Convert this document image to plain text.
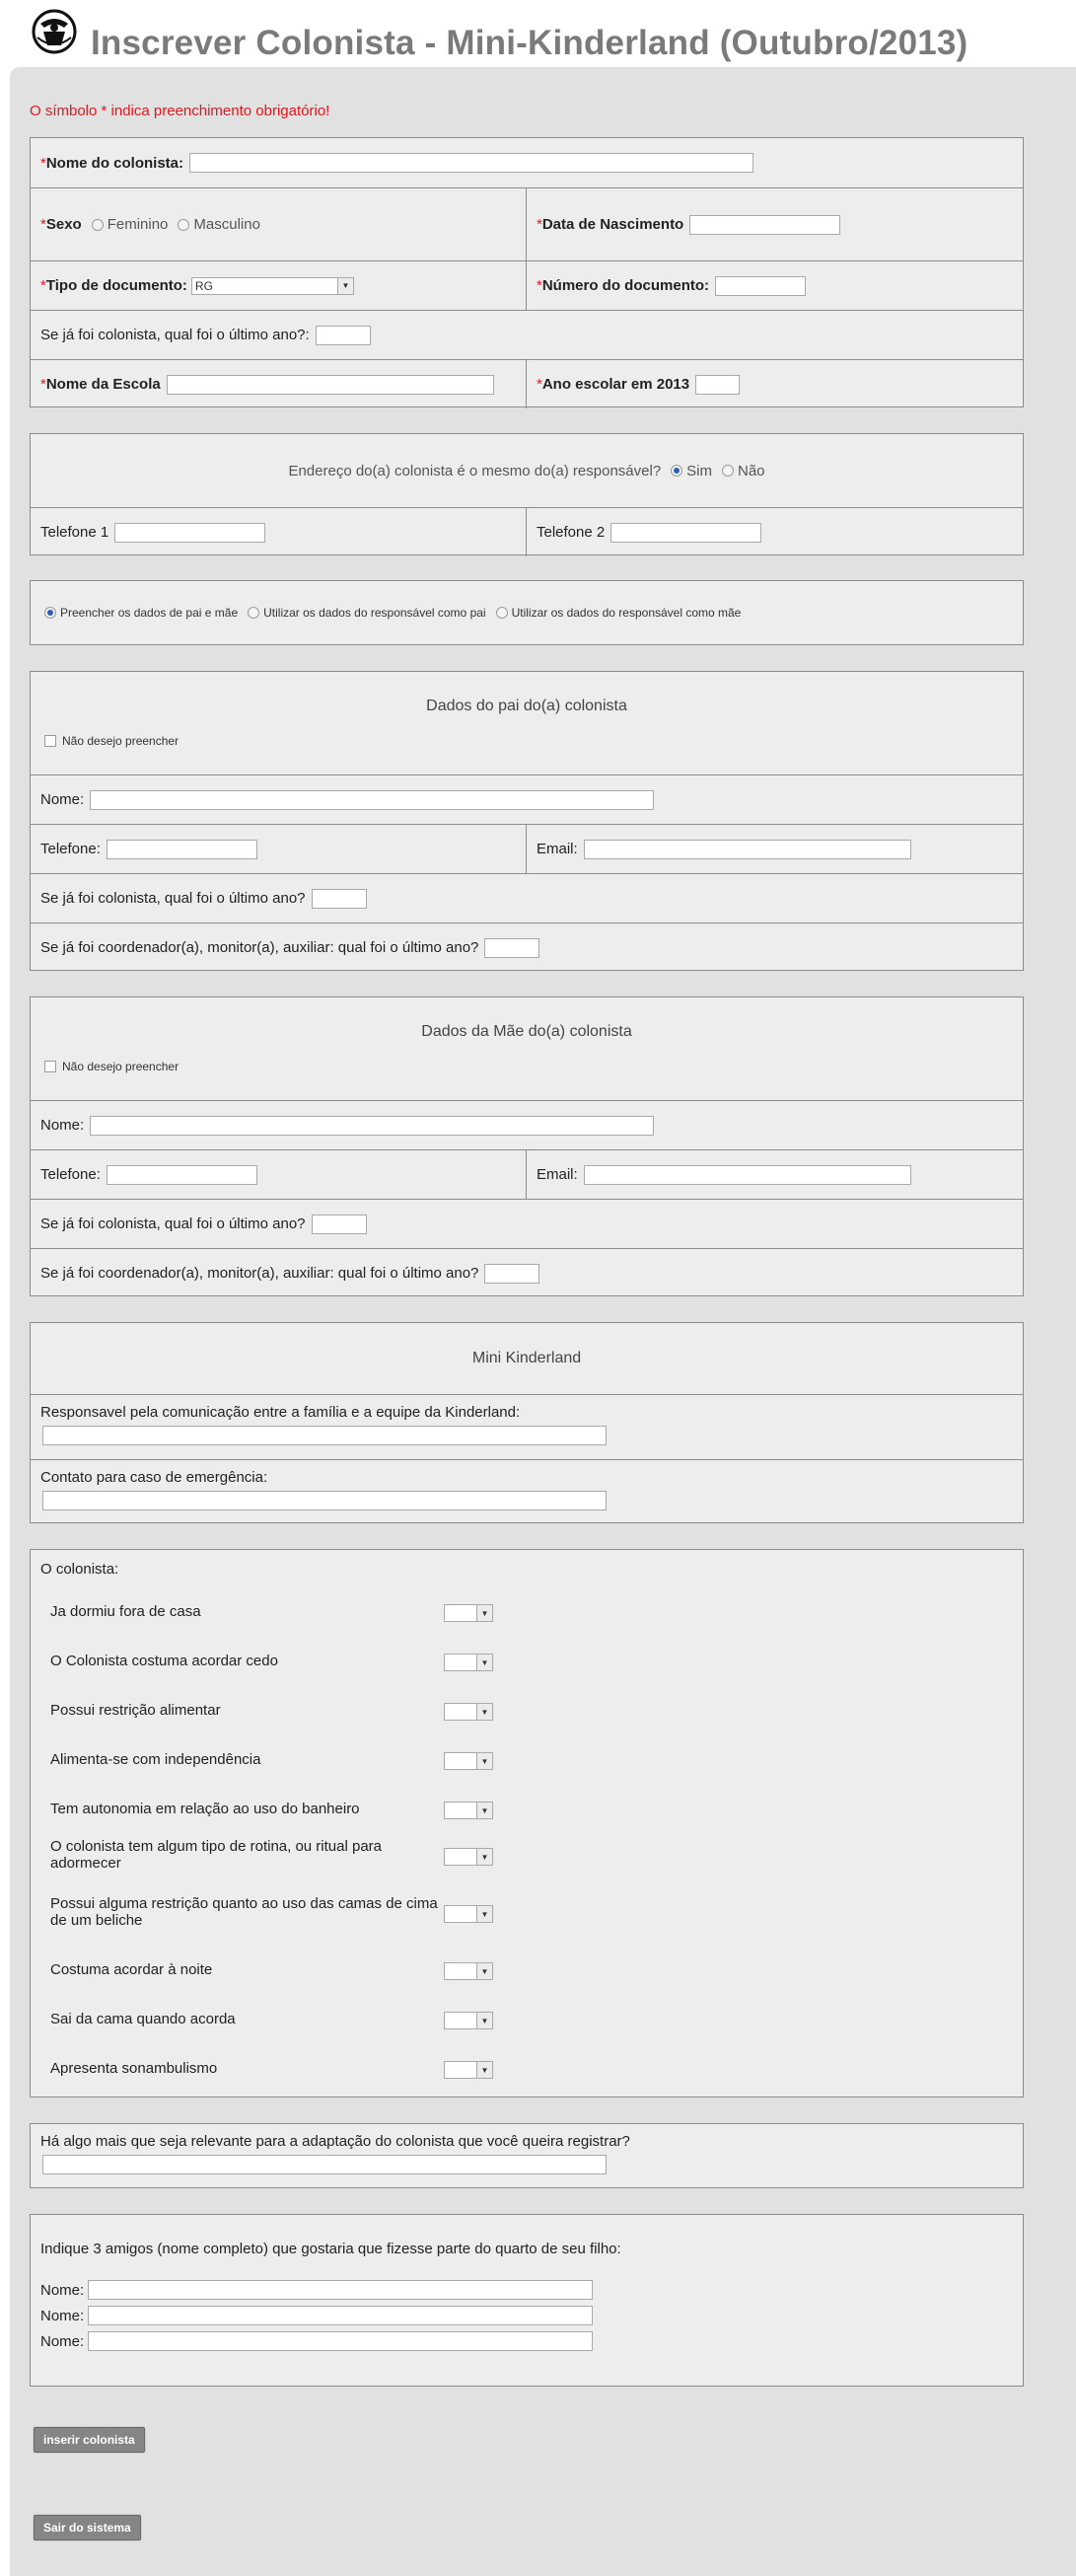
Inscrever Colonista - Mini-Kinderland (Outubro/2013)
O símbolo * indica preenchimento obrigatório!
*Nome do colonista:
*Sexo Feminino Masculino	*Data de Nascimento
*Tipo de documento: RG	▼	*Número do documento:
Se já foi colonista, qual foi o último ano?:
*Nome da Escola	*Ano escolar em 2013
Endereço do(a) colonista é o mesmo do(a) responsável? Sim Não
Telefone 1	Telefone 2
Preencher os dados de pai e mãe Utilizar os dados do responsável como pai Utilizar os dados do responsável como mãe
Dados do pai do(a) colonista
Não desejo preencher
Nome:
Telefone:	Email:
Se já foi colonista, qual foi o último ano?
Se já foi coordenador(a), monitor(a), auxiliar: qual foi o último ano?
Dados da Mãe do(a) colonista
Não desejo preencher
Nome:
Telefone:	Email:
Se já foi colonista, qual foi o último ano?
Se já foi coordenador(a), monitor(a), auxiliar: qual foi o último ano?
Mini Kinderland
Responsavel pela comunicação entre a família e a equipe da Kinderland:
Contato para caso de emergência:
O colonista:
Ja dormiu fora de casa	▼
O Colonista costuma acordar cedo	▼
Possui restrição alimentar	▼
Alimenta-se com independência	▼
Tem autonomia em relação ao uso do banheiro	▼
O colonista tem algum tipo de rotina, ou ritual para adormecer	▼
Possui alguma restrição quanto ao uso das camas de cima de um beliche	▼
Costuma acordar à noite	▼
Sai da cama quando acorda	▼
Apresenta sonambulismo	▼
Há algo mais que seja relevante para a adaptação do colonista que você queira registrar?
Indique 3 amigos (nome completo) que gostaria que fizesse parte do quarto de seu filho:
Nome:
Nome:
Nome:
inserir colonista
Sair do sistema
